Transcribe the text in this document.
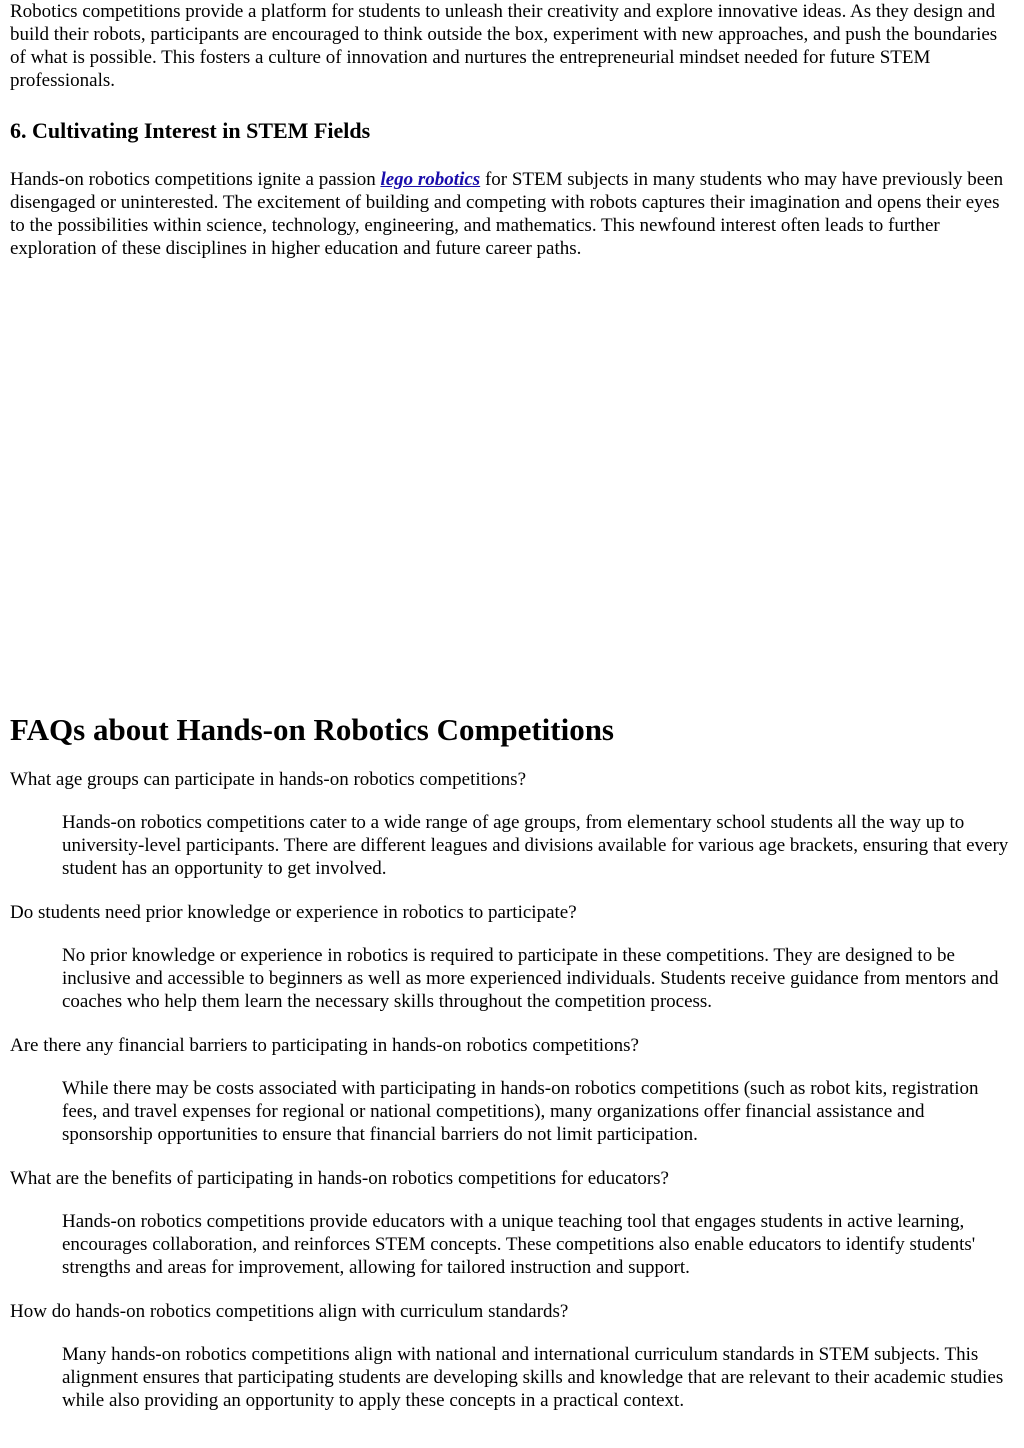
Robotics competitions provide a platform for students to unleash their creativity and explore innovative ideas. As they design and build their robots, participants are encouraged to think outside the box, experiment with new approaches, and push the boundaries of what is possible. This fosters a culture of innovation and nurtures the entrepreneurial mindset needed for future STEM professionals.

6. Cultivating Interest in STEM Fields

Hands-on robotics competitions ignite a passion lego robotics for STEM subjects in many students who may have previously been disengaged or uninterested. The excitement of building and competing with robots captures their imagination and opens their eyes to the possibilities within science, technology, engineering, and mathematics. This newfound interest often leads to further exploration of these disciplines in higher education and future career paths.

FAQs about Hands-on Robotics Competitions
What age groups can participate in hands-on robotics competitions?
Hands-on robotics competitions cater to a wide range of age groups, from elementary school students all the way up to university-level participants. There are different leagues and divisions available for various age brackets, ensuring that every student has an opportunity to get involved.
Do students need prior knowledge or experience in robotics to participate?
No prior knowledge or experience in robotics is required to participate in these competitions. They are designed to be inclusive and accessible to beginners as well as more experienced individuals. Students receive guidance from mentors and coaches who help them learn the necessary skills throughout the competition process.
Are there any financial barriers to participating in hands-on robotics competitions?
While there may be costs associated with participating in hands-on robotics competitions (such as robot kits, registration fees, and travel expenses for regional or national competitions), many organizations offer financial assistance and sponsorship opportunities to ensure that financial barriers do not limit participation.
What are the benefits of participating in hands-on robotics competitions for educators?
Hands-on robotics competitions provide educators with a unique teaching tool that engages students in active learning, encourages collaboration, and reinforces STEM concepts. These competitions also enable educators to identify students' strengths and areas for improvement, allowing for tailored instruction and support.
How do hands-on robotics competitions align with curriculum standards?
Many hands-on robotics competitions align with national and international curriculum standards in STEM subjects. This alignment ensures that participating students are developing skills and knowledge that are relevant to their academic studies while also providing an opportunity to apply these concepts in a practical context.
